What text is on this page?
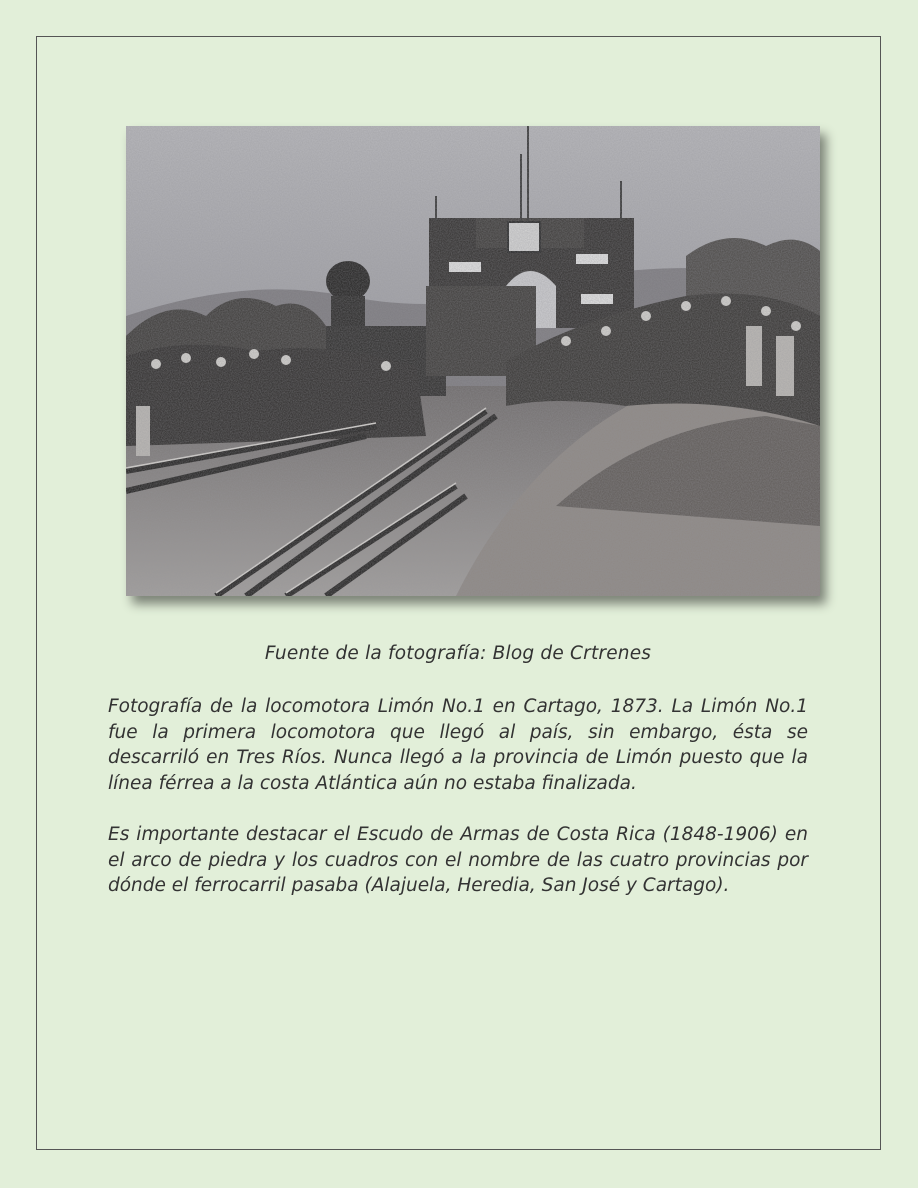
Fuente de la fotografía: Blog de Crtrenes

Fotografía de la locomotora Limón No.1 en Cartago, 1873. La Limón No.1 fue la primera locomotora que llegó al país, sin embargo, ésta se descarriló en Tres Ríos. Nunca llegó a la provincia de Limón puesto que la línea férrea a la costa Atlántica aún no estaba finalizada.

Es importante destacar el Escudo de Armas de Costa Rica (1848-1906) en el arco de piedra y los cuadros con el nombre de las cuatro provincias por dónde el ferrocarril pasaba (Alajuela, Heredia, San José y Cartago).
